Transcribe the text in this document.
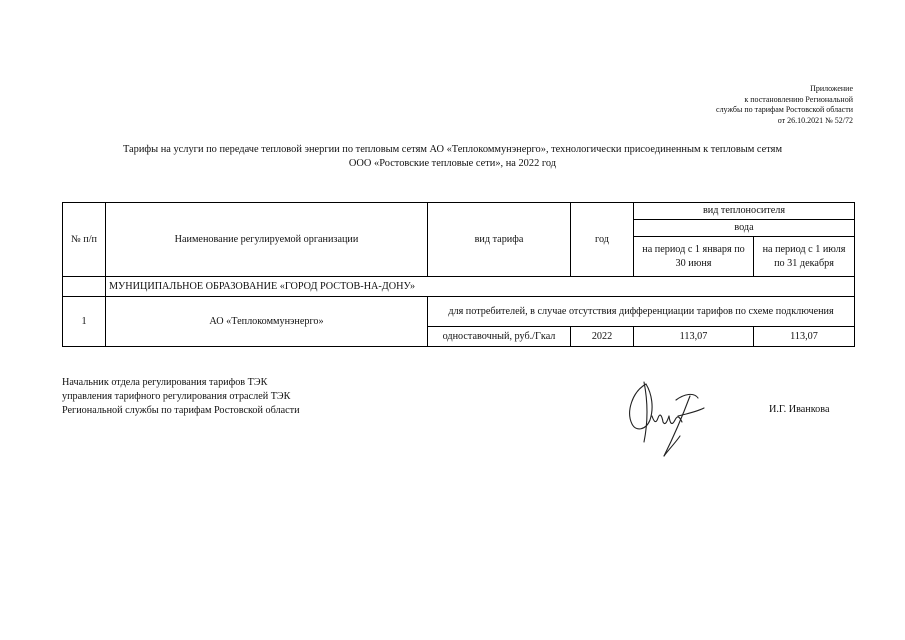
Приложение
к постановлению Региональной
службы по тарифам Ростовской области
от 26.10.2021 № 52/72
Тарифы на услуги по передаче тепловой энергии по тепловым сетям АО «Теплокоммунэнерго», технологически присоединенным к тепловым сетям
ООО «Ростовские тепловые сети», на 2022 год
№ п/п	Наименование регулируемой организации	вид тарифа	год	вид теплоносителя	
				вода	
				на период с 1 января по 30 июня	на период с 1 июля по 31 декабря
	МУНИЦИПАЛЬНОЕ ОБРАЗОВАНИЕ «ГОРОД РОСТОВ-НА-ДОНУ»				
1	АО «Теплокоммунэнерго»	для потребителей, в случае отсутствия дифференциации тарифов по схеме подключения			
		одноставочный, руб./Гкал	2022	113,07	113,07
Начальник отдела регулирования тарифов ТЭК
управления тарифного регулирования отраслей ТЭК
Региональной службы по тарифам Ростовской области	И.Г. Иванкова
